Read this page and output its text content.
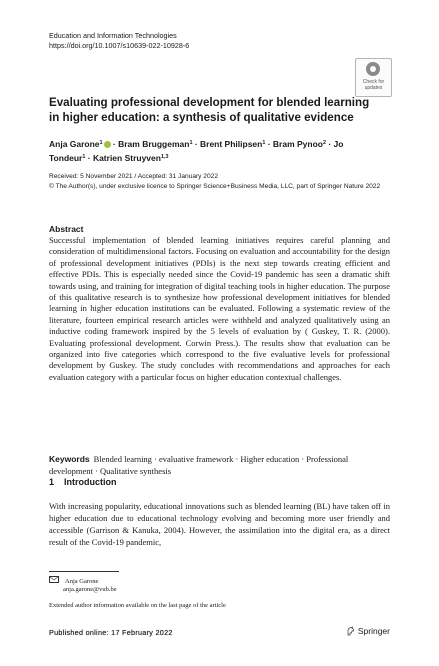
Education and Information Technologies
https://doi.org/10.1007/s10639-022-10928-6
Check for
updates
Evaluating professional development for blended learning in higher education: a synthesis of qualitative evidence
Anja Garone$^1$ · Bram Bruggeman$^1$ · Brent Philipsen$^1$ · Bram Pynoo$^2$ · Jo Tondeur$^1$ · Katrien Struyven$^{1,3}$
Received: 5 November 2021 / Accepted: 31 January 2022
© The Author(s), under exclusive licence to Springer Science+Business Media, LLC, part of Springer Nature 2022
Abstract
Successful implementation of blended learning initiatives requires careful planning and consideration of multidimensional factors. Focusing on evaluation and accountability for the design of professional development initiatives (PDIs) is the next step towards creating efficient and effective PDIs. This is especially needed since the Covid-19 pandemic has seen a dramatic shift towards using, and training for integration of digital teaching tools in higher education. The purpose of this qualitative research is to synthesize how professional development initiatives for blended learning in higher education institutions can be evaluated. Following a systematic review of the literature, fourteen empirical research articles were withheld and analyzed qualitatively using an inductive coding framework inspired by the 5 levels of evaluation by ( Guskey, T. R. (2000). Evaluating professional development. Corwin Press.). The results show that evaluation can be organized into five categories which correspond to the five evaluative levels for professional development by Guskey. The study concludes with recommendations and approaches for each evaluation category with a particular focus on higher education contextual challenges.
Keywords Blended learning · evaluative framework · Higher education · Professional development · Qualitative synthesis
1 Introduction
With increasing popularity, educational innovations such as blended learning (BL) have taken off in higher education due to educational technology evolving and becoming more user friendly and accessible (Garrison & Kanuka, 2004). However, the assimilation into the digital era, as a direct result of the Covid-19 pandemic,
Anja Garone
anja.garone@vub.be
Extended author information available on the last page of the article
Published online: 17 February 2022	Springer
